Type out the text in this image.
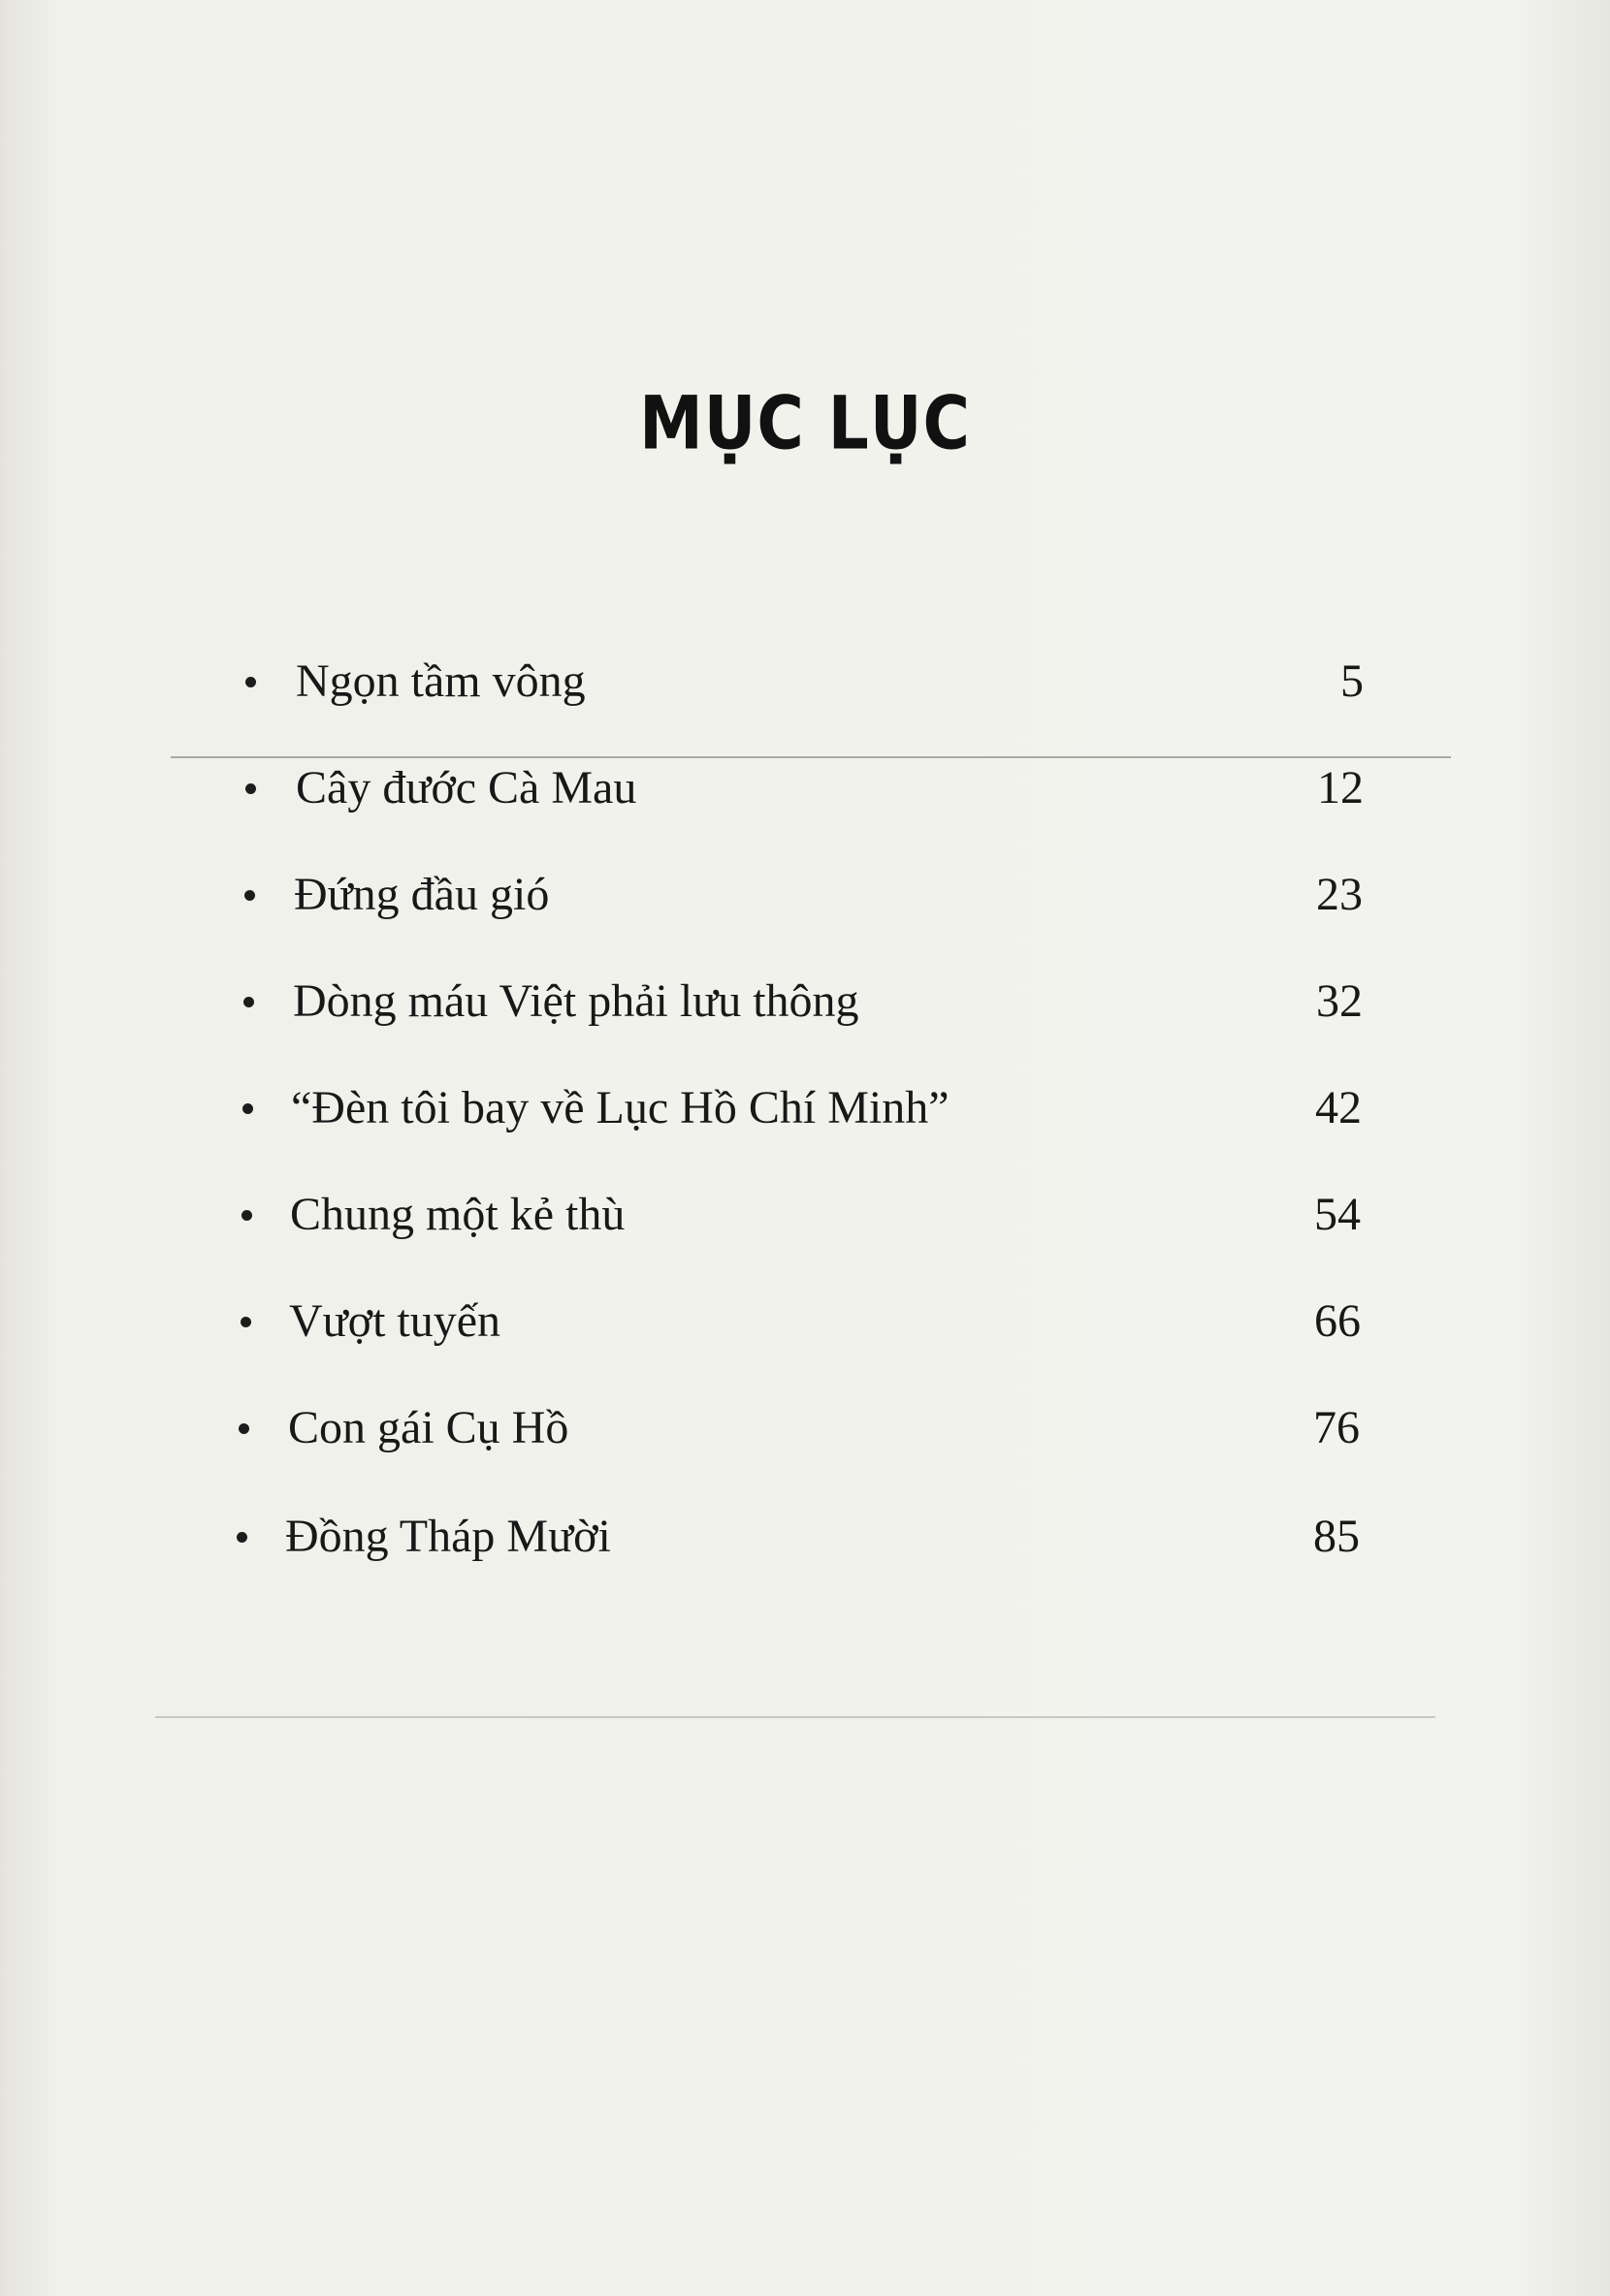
MỤC LỤC
Ngọn tầm vông	5
Cây đước Cà Mau	12
Đứng đầu gió	23
Dòng máu Việt phải lưu thông	32
“Đèn tôi bay về Lục Hồ Chí Minh”	42
Chung một kẻ thù	54
Vượt tuyến	66
Con gái Cụ Hồ	76
Đồng Tháp Mười	85
